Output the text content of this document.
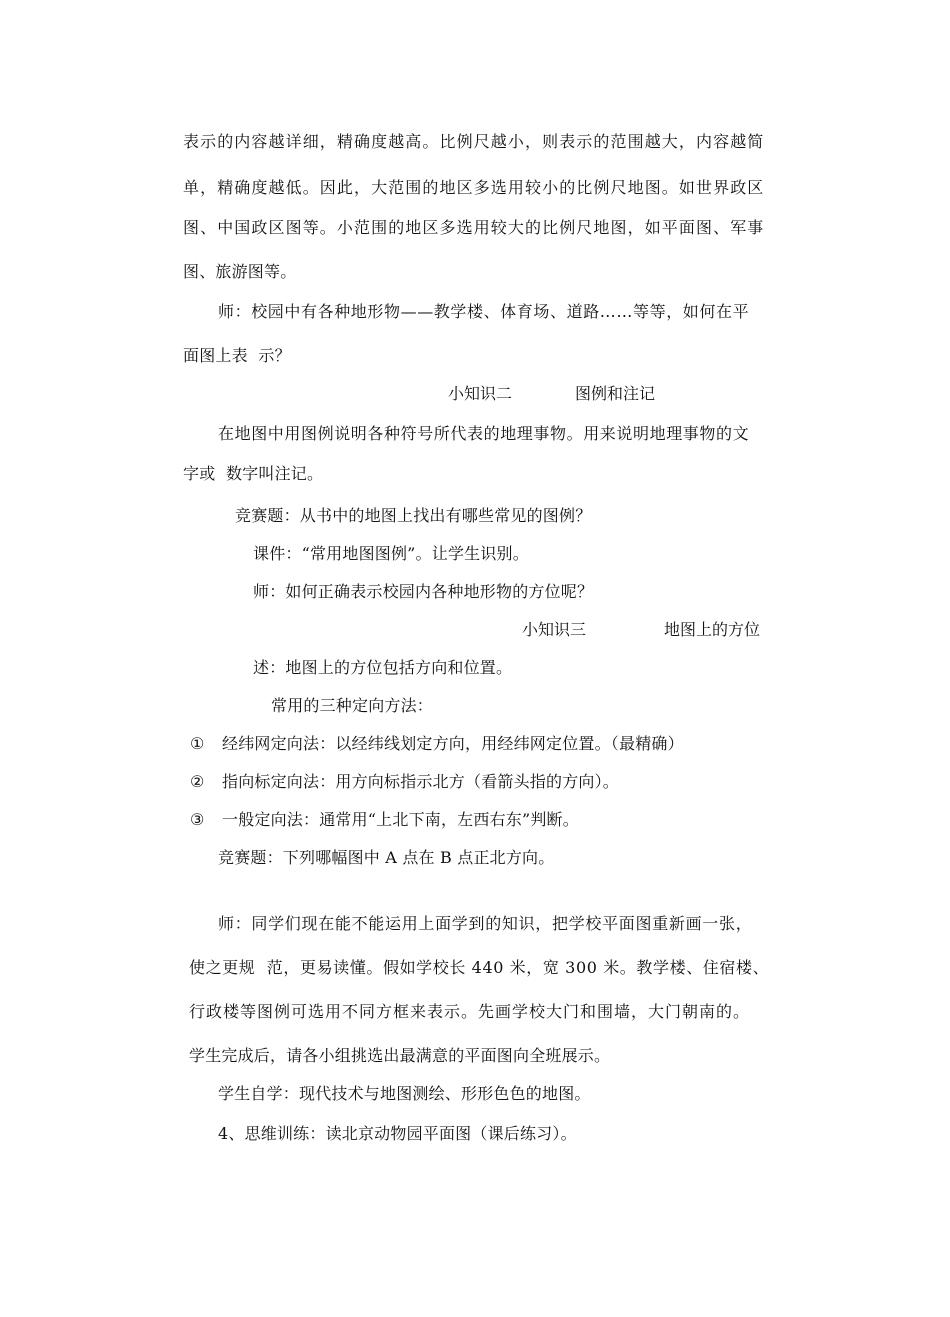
表示的内容越详细，精确度越高。比例尺越小，则表示的范围越大，内容越简
单，精确度越低。因此，大范围的地区多选用较小的比例尺地图。如世界政区
图、中国政区图等。小范围的地区多选用较大的比例尺地图，如平面图、军事
图、旅游图等。
师：校园中有各种地形物——教学楼、体育场、道路……等等，如何在平
面图上表  示？
小知识二	图例和注记
在地图中用图例说明各种符号所代表的地理事物。用来说明地理事物的文
字或  数字叫注记。
竞赛题：从书中的地图上找出有哪些常见的图例？
课件：“常用地图图例”。让学生识别。
师：如何正确表示校园内各种地形物的方位呢？
小知识三	地图上的方位
述：地图上的方位包括方向和位置。
常用的三种定向方法：
① 经纬网定向法：以经纬线划定方向，用经纬网定位置。（最精确）
② 指向标定向法：用方向标指示北方（看箭头指的方向）。
③ 一般定向法：通常用“上北下南，左西右东”判断。
竞赛题：下列哪幅图中 A 点在 B 点正北方向。
师：同学们现在能不能运用上面学到的知识，把学校平面图重新画一张，
使之更规  范，更易读懂。假如学校长 440 米，宽 300 米。教学楼、住宿楼、
行政楼等图例可选用不同方框来表示。先画学校大门和围墙，大门朝南的。
学生完成后，请各小组挑选出最满意的平面图向全班展示。
学生自学：现代技术与地图测绘、形形色色的地图。
4、思维训练：读北京动物园平面图（课后练习）。
